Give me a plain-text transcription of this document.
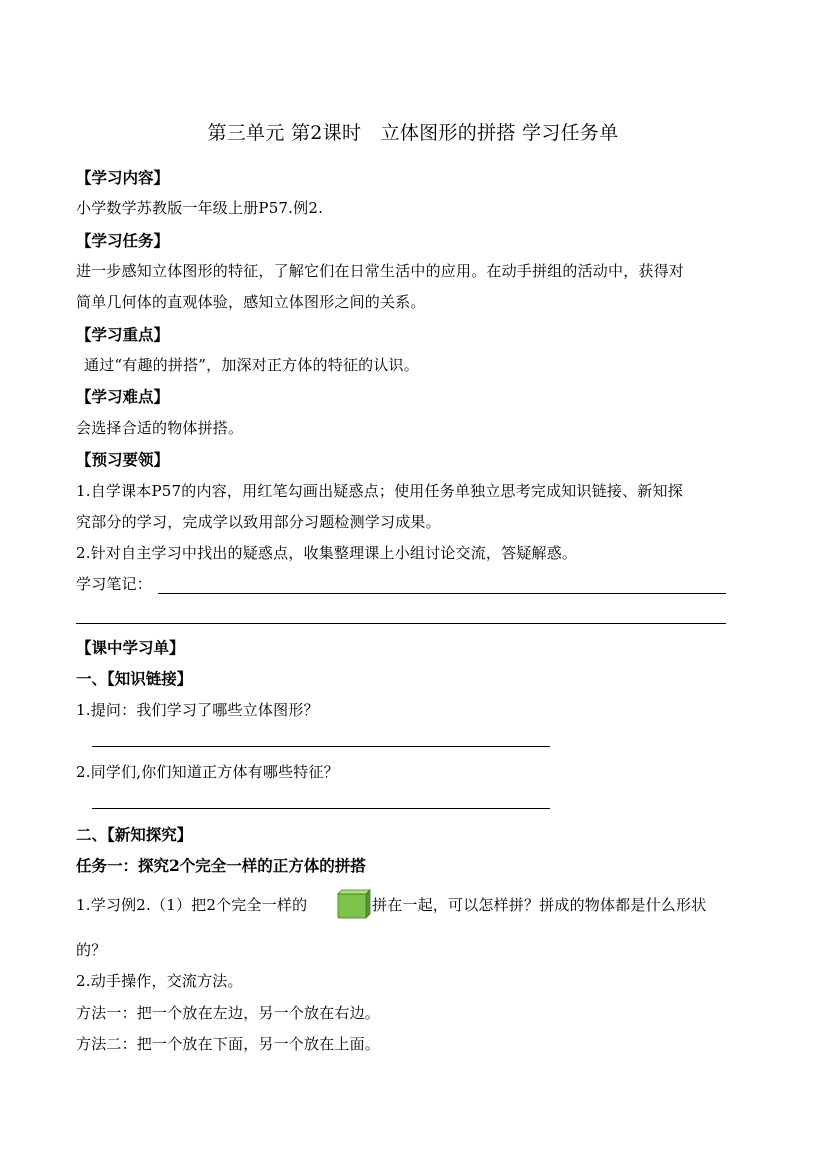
第三单元 第2课时　立体图形的拼搭 学习任务单
【学习内容】
小学数学苏教版一年级上册P57.例2.
【学习任务】
进一步感知立体图形的特征，了解它们在日常生活中的应用。在动手拼组的活动中，获得对
简单几何体的直观体验，感知立体图形之间的关系。
【学习重点】
通过“有趣的拼搭”，加深对正方体的特征的认识。
【学习难点】
会选择合适的物体拼搭。
【预习要领】
1.自学课本P57的内容，用红笔勾画出疑惑点；使用任务单独立思考完成知识链接、新知探
究部分的学习，完成学以致用部分习题检测学习成果。
2.针对自主学习中找出的疑惑点，收集整理课上小组讨论交流，答疑解惑。
学习笔记：
【课中学习单】
一、【知识链接】
1.提问：我们学习了哪些立体图形？
2.同学们,你们知道正方体有哪些特征？
二、【新知探究】
任务一：探究2个完全一样的正方体的拼搭
1.学习例2.（1）把2个完全一样的	拼在一起，可以怎样拼？拼成的物体都是什么形状
的？
2.动手操作，交流方法。
方法一：把一个放在左边，另一个放在右边。
方法二：把一个放在下面，另一个放在上面。
